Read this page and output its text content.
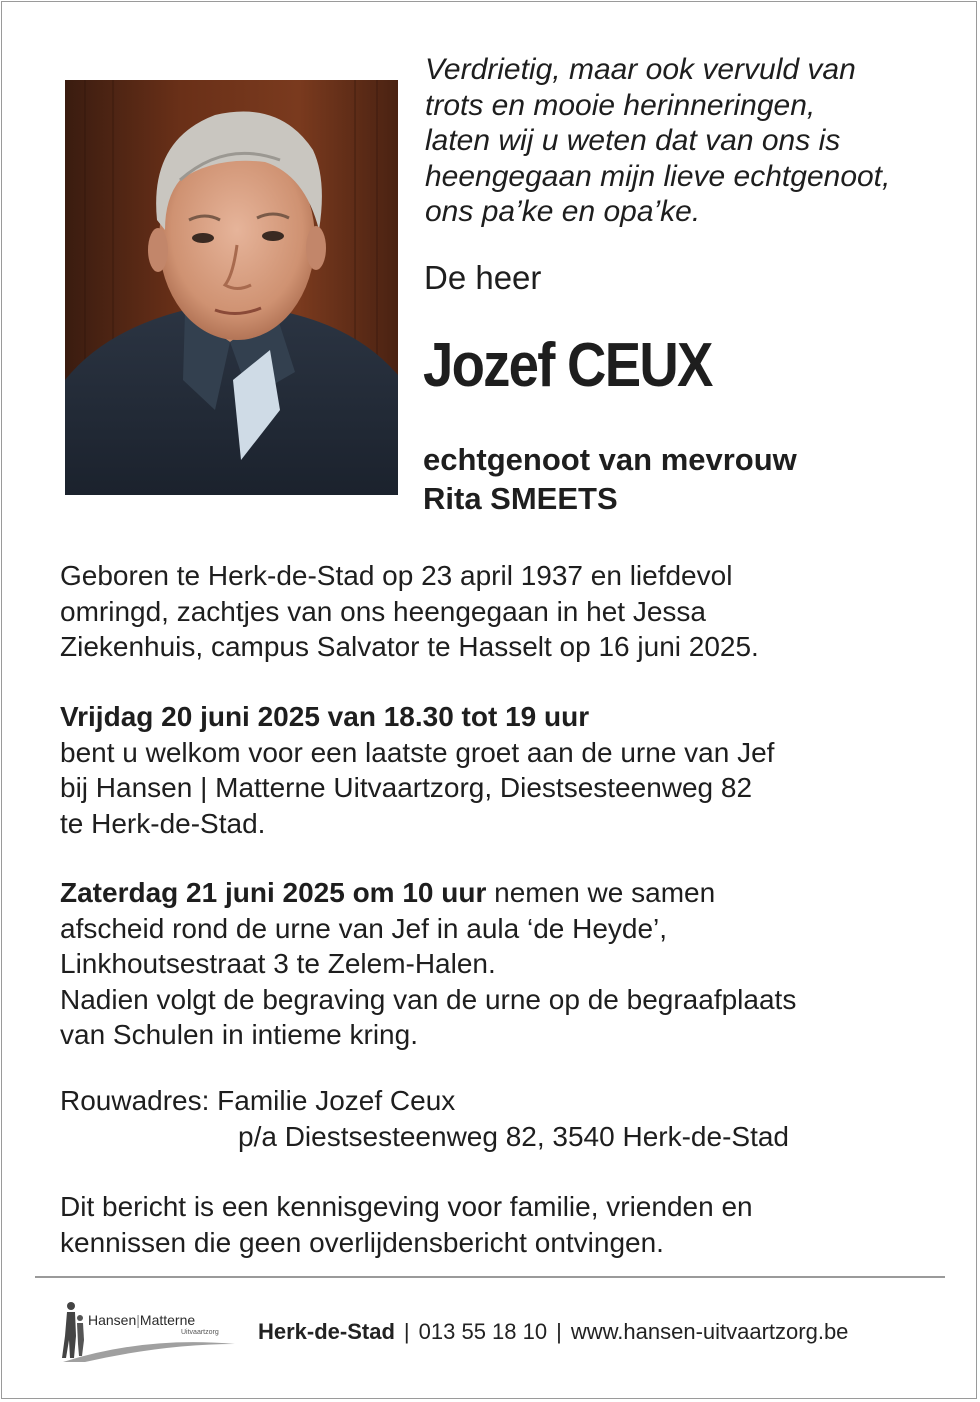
Verdrietig, maar ook vervuld van
trots en mooie herinneringen,
laten wij u weten dat van ons is
heengegaan mijn lieve echtgenoot,
ons pa’ke en opa’ke.

De heer

Jozef CEUX

echtgenoot van mevrouw
Rita SMEETS

Geboren te Herk-de-Stad op 23 april 1937 en liefdevol
omringd, zachtjes van ons heengegaan in het Jessa
Ziekenhuis, campus Salvator te Hasselt op 16 juni 2025.

Vrijdag 20 juni 2025 van 18.30 tot 19 uur
bent u welkom voor een laatste groet aan de urne van Jef
bij Hansen | Matterne Uitvaartzorg, Diestsesteenweg 82
te Herk-de-Stad.

Zaterdag 21 juni 2025 om 10 uur nemen we samen
afscheid rond de urne van Jef in aula ‘de Heyde’,
Linkhoutsestraat 3 te Zelem-Halen.
Nadien volgt de begraving van de urne op de begraafplaats
van Schulen in intieme kring.

Rouwadres: Familie Jozef Ceux
p/a Diestsesteenweg 82, 3540 Herk-de-Stad

Dit bericht is een kennisgeving voor familie, vrienden en
kennissen die geen overlijdensbericht ontvingen.

Hansen|Matterne
Uitvaartzorg Herk-de-Stad | 013 55 18 10 | www.hansen-uitvaartzorg.be
